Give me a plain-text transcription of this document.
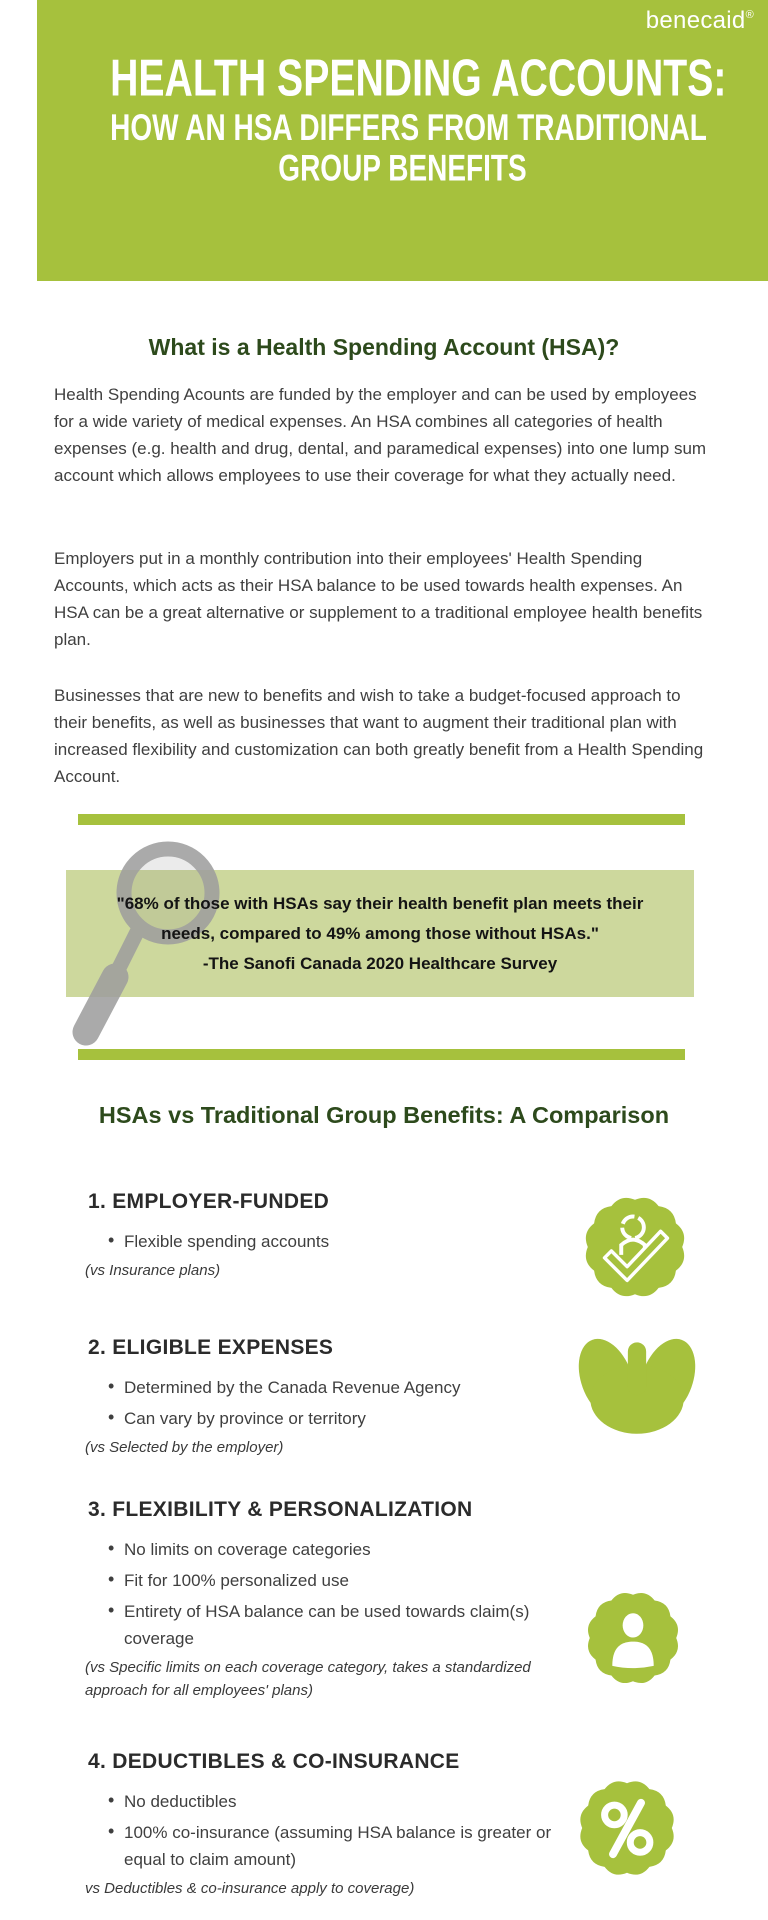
benecaid®
HEALTH SPENDING ACCOUNTS:
HOW AN HSA DIFFERS FROM TRADITIONAL
GROUP BENEFITS
What is a Health Spending Account (HSA)?

Health Spending Acounts are funded by the employer and can be used by employees for a wide variety of medical expenses. An HSA combines all categories of health expenses (e.g. health and drug, dental, and paramedical expenses) into one lump sum account which allows employees to use their coverage for what they actually need.

Employers put in a monthly contribution into their employees' Health Spending Accounts, which acts as their HSA balance to be used towards health expenses. An HSA can be a great alternative or supplement to a traditional employee health benefits plan.

Businesses that are new to benefits and wish to take a budget-focused approach to their benefits, as well as businesses that want to augment their traditional plan with increased flexibility and customization can both greatly benefit from a Health Spending Account.

"68% of those with HSAs say their health benefit plan meets their
needs, compared to 49% among those without HSAs."
-The Sanofi Canada 2020 Healthcare Survey
HSAs vs Traditional Group Benefits: A Comparison
1. EMPLOYER-FUNDED
• Flexible spending accounts
(vs Insurance plans)
2. ELIGIBLE EXPENSES
• Determined by the Canada Revenue Agency
• Can vary by province or territory
(vs Selected by the employer)
3. FLEXIBILITY & PERSONALIZATION
• No limits on coverage categories
• Fit for 100% personalized use
• Entirety of HSA balance can be used towards claim(s) coverage
(vs Specific limits on each coverage category, takes a standardized approach for all employees' plans)
4. DEDUCTIBLES & CO-INSURANCE
• No deductibles
• 100% co-insurance (assuming HSA balance is greater or equal to claim amount)
vs Deductibles & co-insurance apply to coverage)
